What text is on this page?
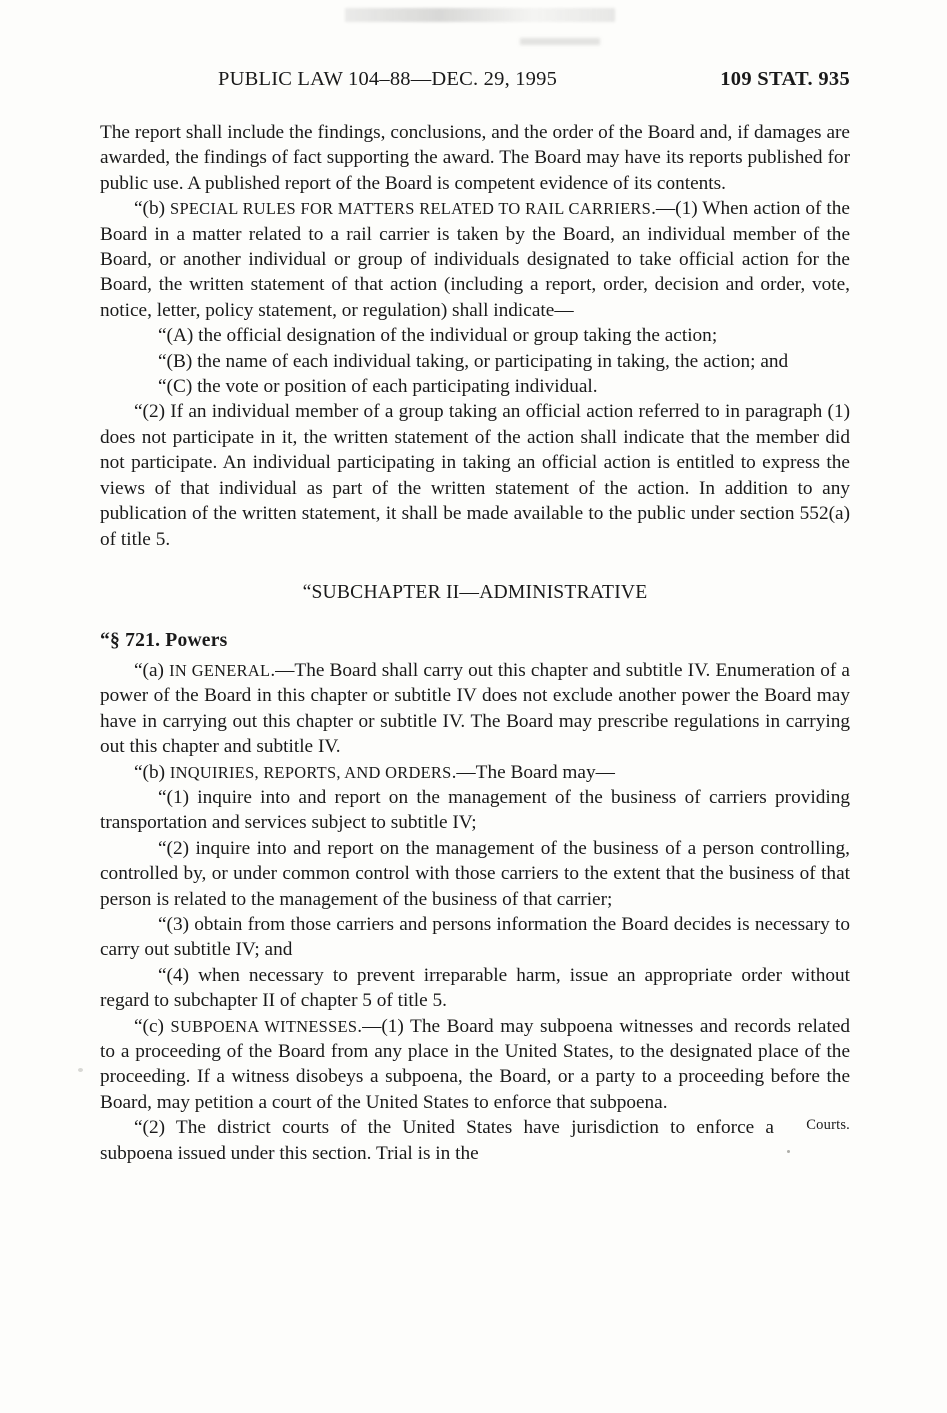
PUBLIC LAW 104–88—DEC. 29, 1995	109 STAT. 935

The report shall include the findings, conclusions, and the order of the Board and, if damages are awarded, the findings of fact supporting the award. The Board may have its reports published for public use. A published report of the Board is competent evidence of its contents.

“(b) SPECIAL RULES FOR MATTERS RELATED TO RAIL CARRIERS.—(1) When action of the Board in a matter related to a rail carrier is taken by the Board, an individual member of the Board, or another individual or group of individuals designated to take official action for the Board, the written statement of that action (including a report, order, decision and order, vote, notice, letter, policy statement, or regulation) shall indicate—

“(A) the official designation of the individual or group taking the action;

“(B) the name of each individual taking, or participating in taking, the action; and

“(C) the vote or position of each participating individual.

“(2) If an individual member of a group taking an official action referred to in paragraph (1) does not participate in it, the written statement of the action shall indicate that the member did not participate. An individual participating in taking an official action is entitled to express the views of that individual as part of the written statement of the action. In addition to any publication of the written statement, it shall be made available to the public under section 552(a) of title 5.

“SUBCHAPTER II—ADMINISTRATIVE
“§ 721. Powers

“(a) IN GENERAL.—The Board shall carry out this chapter and subtitle IV. Enumeration of a power of the Board in this chapter or subtitle IV does not exclude another power the Board may have in carrying out this chapter or subtitle IV. The Board may prescribe regulations in carrying out this chapter and subtitle IV.

“(b) INQUIRIES, REPORTS, AND ORDERS.—The Board may—

“(1) inquire into and report on the management of the business of carriers providing transportation and services subject to subtitle IV;

“(2) inquire into and report on the management of the business of a person controlling, controlled by, or under common control with those carriers to the extent that the business of that person is related to the management of the business of that carrier;

“(3) obtain from those carriers and persons information the Board decides is necessary to carry out subtitle IV; and

“(4) when necessary to prevent irreparable harm, issue an appropriate order without regard to subchapter II of chapter 5 of title 5.

“(c) SUBPOENA WITNESSES.—(1) The Board may subpoena witnesses and records related to a proceeding of the Board from any place in the United States, to the designated place of the proceeding. If a witness disobeys a subpoena, the Board, or a party to a proceeding before the Board, may petition a court of the United States to enforce that subpoena.

“(2) The district courts of the United States have jurisdiction to enforce a subpoena issued under this section. Trial is in the

Courts.
